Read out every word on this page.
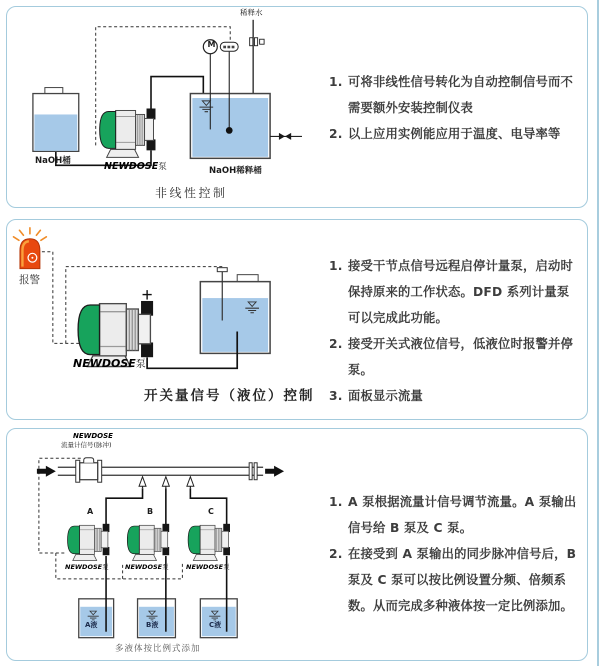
稀释水
M
NaOH桶	NEWDOSE泵	NaOH稀释桶
非线性控制
1. 可将非线性信号转化为自动控制信号而不需要额外安装控制仪表
2. 以上应用实例能应用于温度、电导率等
报警
NEWDOSE泵
开关量信号（液位）控制
1. 接受干节点信号远程启停计量泵，启动时保持原来的工作状态。DFD 系列计量泵可以完成此功能。
2. 接受开关式液位信号，低液位时报警并停泵。
3. 面板显示流量
NEWDOSE
流量计信号(脉冲)
A	B	C
NEWDOSE泵	NEWDOSE泵	NEWDOSE泵
A液	B液	C液
多液体按比例式添加
1. A 泵根据流量计信号调节流量。A 泵输出信号给 B 泵及 C 泵。
2. 在接受到 A 泵输出的同步脉冲信号后，B 泵及 C 泵可以按比例设置分频、倍频系数。从而完成多种液体按一定比例添加。
